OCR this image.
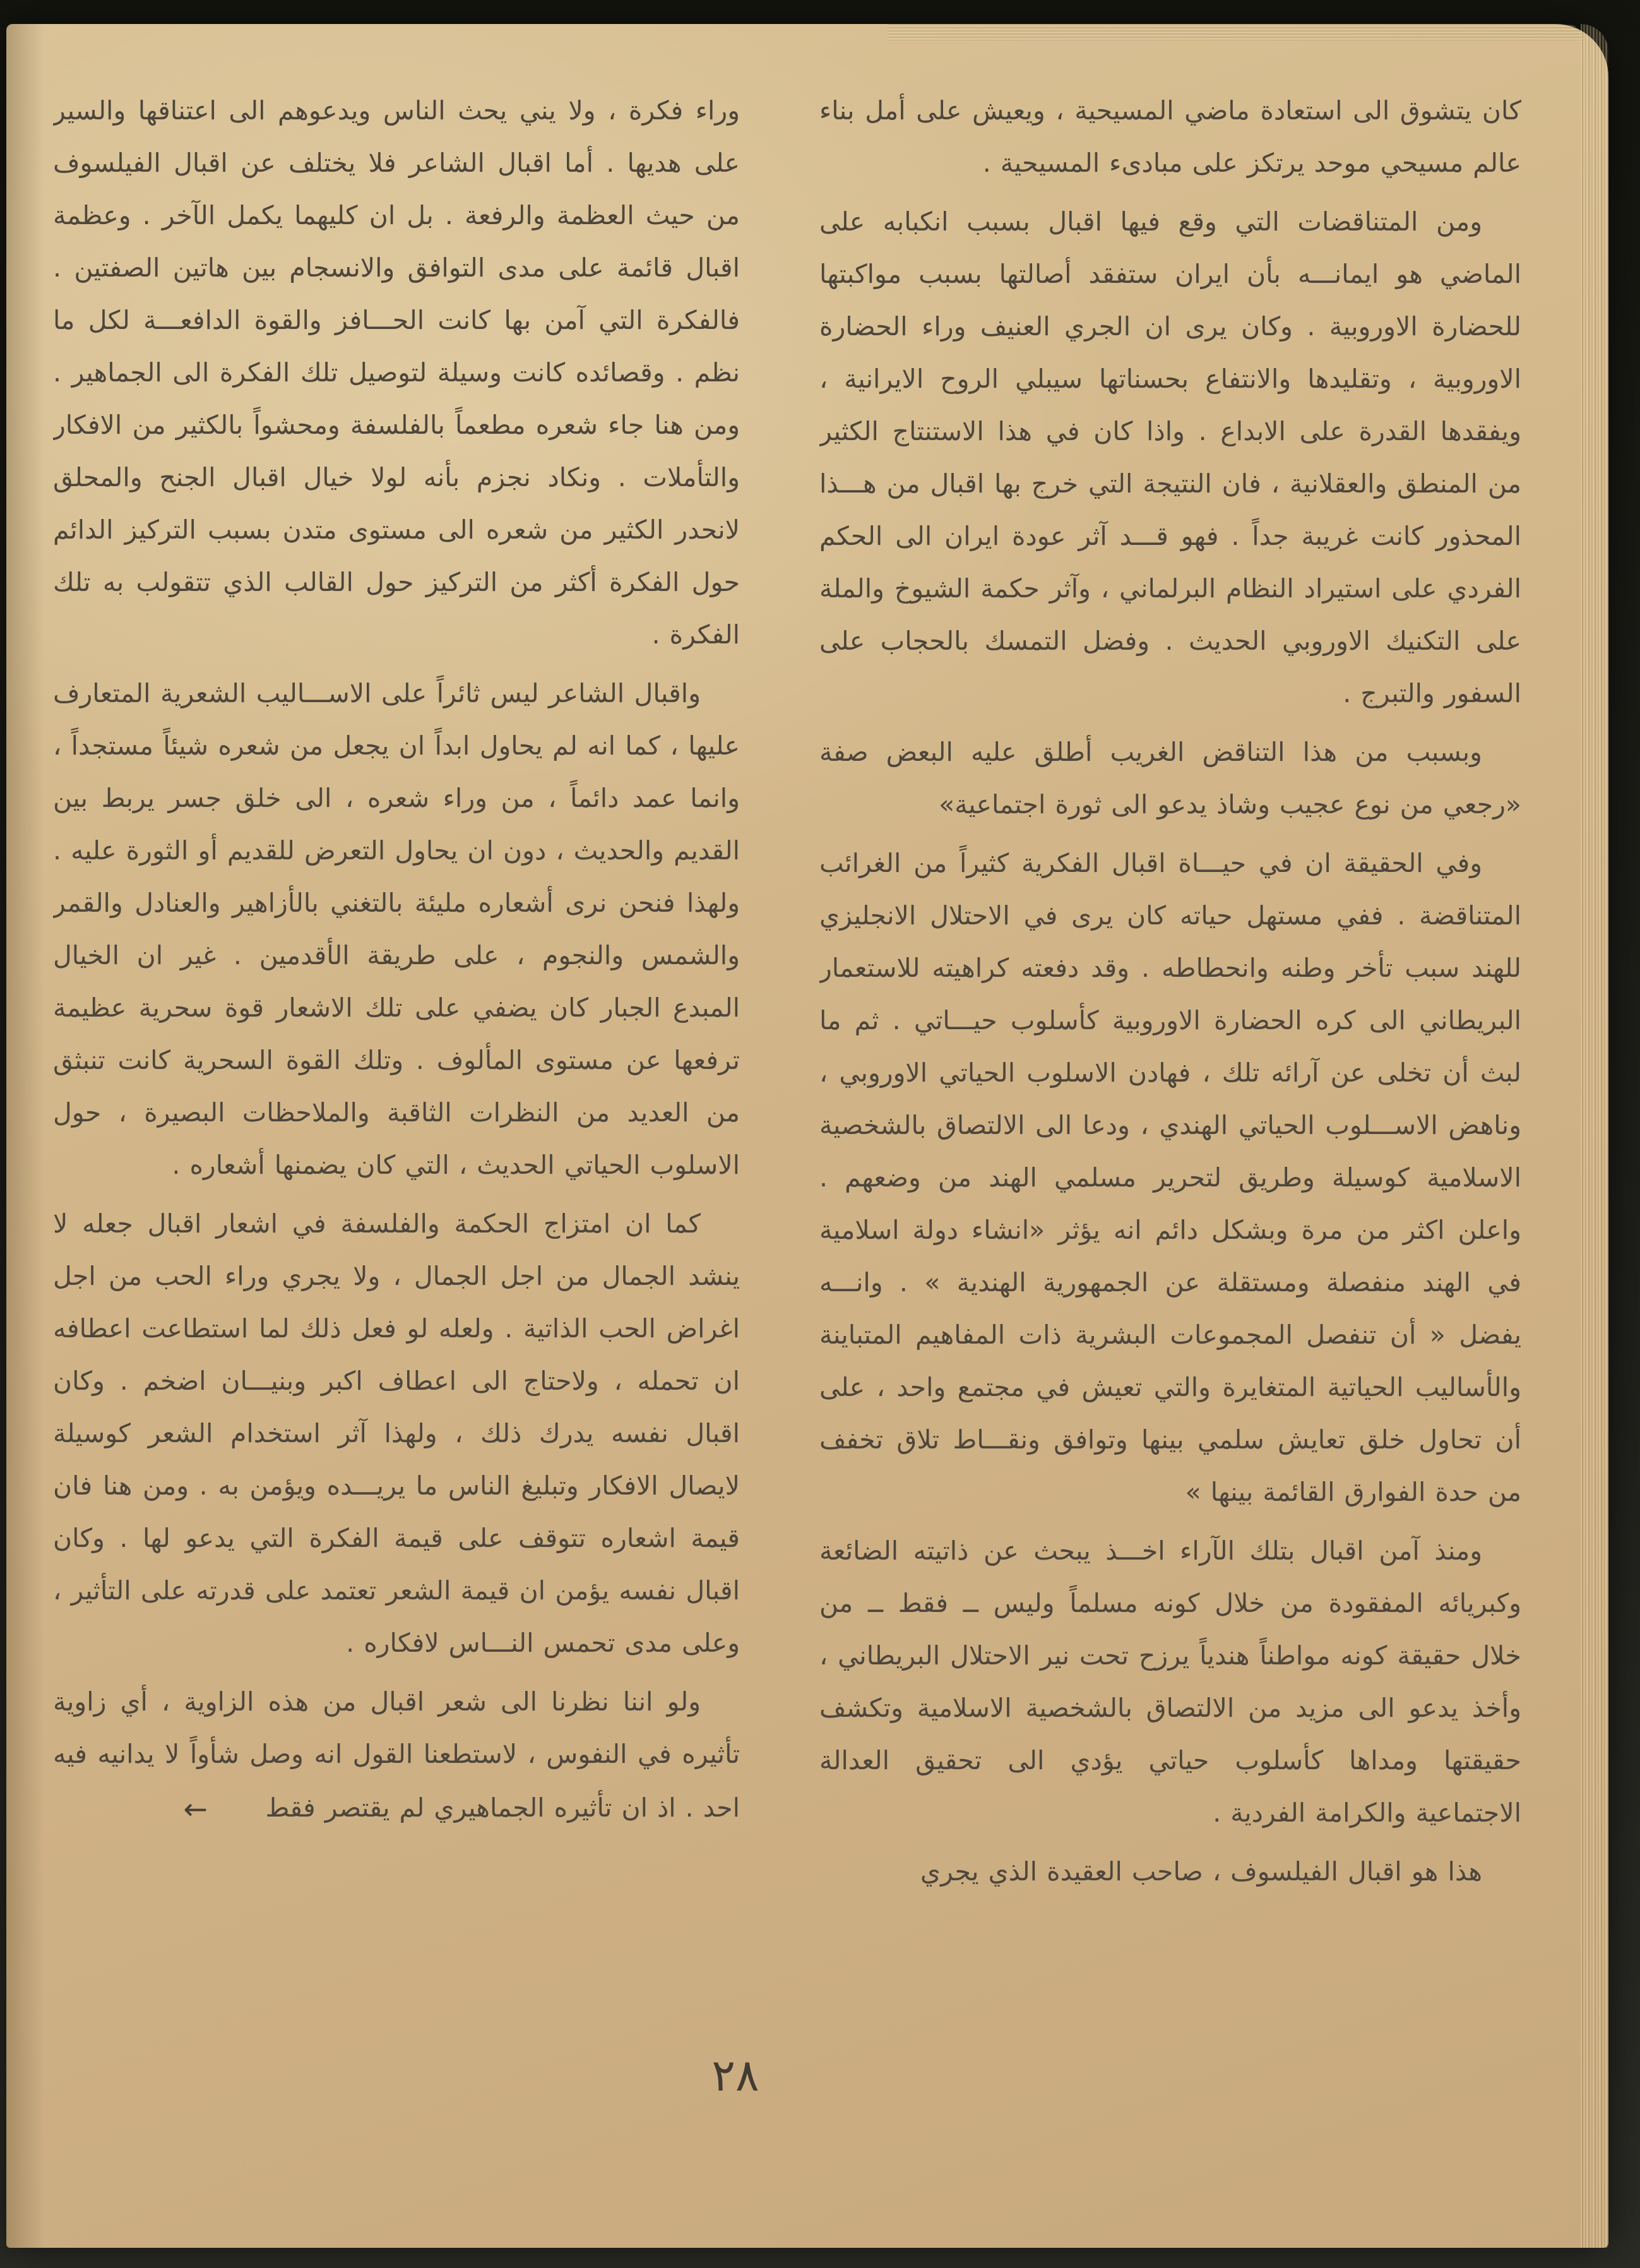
كان يتشوق الى استعادة ماضي المسيحية ، ويعيش على أمل بناء عالم مسيحي موحد يرتكز على مبادىء المسيحية .

ومن المتناقضات التي وقع فيها اقبال بسبب انكبابه على الماضي هو ايمانـــه بأن ايران ستفقد أصالتها بسبب مواكبتها للحضارة الاوروبية . وكان يرى ان الجري العنيف وراء الحضارة الاوروبية ، وتقليدها والانتفاع بحسناتها سيبلي الروح الايرانية ، ويفقدها القدرة على الابداع . واذا كان في هذا الاستنتاج الكثير من المنطق والعقلانية ، فان النتيجة التي خرج بها اقبال من هـــذا المحذور كانت غريبة جداً . فهو قـــد آثر عودة ايران الى الحكم الفردي على استيراد النظام البرلماني ، وآثر حكمة الشيوخ والملة على التكنيك الاوروبي الحديث . وفضل التمسك بالحجاب على السفور والتبرج .

وبسبب من هذا التناقض الغريب أطلق عليه البعض صفة «رجعي من نوع عجيب وشاذ يدعو الى ثورة اجتماعية»

وفي الحقيقة ان في حيـــاة اقبال الفكرية كثيراً من الغرائب المتناقضة . ففي مستهل حياته كان يرى في الاحتلال الانجليزي للهند سبب تأخر وطنه وانحطاطه . وقد دفعته كراهيته للاستعمار البريطاني الى كره الحضارة الاوروبية كأسلوب حيـــاتي . ثم ما لبث أن تخلى عن آرائه تلك ، فهادن الاسلوب الحياتي الاوروبي ، وناهض الاســـلوب الحياتي الهندي ، ودعا الى الالتصاق بالشخصية الاسلامية كوسيلة وطريق لتحرير مسلمي الهند من وضعهم . واعلن اكثر من مرة وبشكل دائم انه يؤثر «انشاء دولة اسلامية في الهند منفصلة ومستقلة عن الجمهورية الهندية » . وانـــه يفضل « أن تنفصل المجموعات البشرية ذات المفاهيم المتباينة والأساليب الحياتية المتغايرة والتي تعيش في مجتمع واحد ، على أن تحاول خلق تعايش سلمي بينها وتوافق ونقـــاط تلاق تخفف من حدة الفوارق القائمة بينها »

ومنذ آمن اقبال بتلك الآراء اخـــذ يبحث عن ذاتيته الضائعة وكبريائه المفقودة من خلال كونه مسلماً وليس ــ فقط ــ من خلال حقيقة كونه مواطناً هندياً يرزح تحت نير الاحتلال البريطاني ، وأخذ يدعو الى مزيد من الالتصاق بالشخصية الاسلامية وتكشف حقيقتها ومداها كأسلوب حياتي يؤدي الى تحقيق العدالة الاجتماعية والكرامة الفردية .

هذا هو اقبال الفيلسوف ، صاحب العقيدة الذي يجري

وراء فكرة ، ولا يني يحث الناس ويدعوهم الى اعتناقها والسير على هديها . أما اقبال الشاعر فلا يختلف عن اقبال الفيلسوف من حيث العظمة والرفعة . بل ان كليهما يكمل الآخر . وعظمة اقبال قائمة على مدى التوافق والانسجام بين هاتين الصفتين . فالفكرة التي آمن بها كانت الحـــافز والقوة الدافعـــة لكل ما نظم . وقصائده كانت وسيلة لتوصيل تلك الفكرة الى الجماهير . ومن هنا جاء شعره مطعماً بالفلسفة ومحشواً بالكثير من الافكار والتأملات . ونكاد نجزم بأنه لولا خيال اقبال الجنح والمحلق لانحدر الكثير من شعره الى مستوى متدن بسبب التركيز الدائم حول الفكرة أكثر من التركيز حول القالب الذي تتقولب به تلك الفكرة .

واقبال الشاعر ليس ثائراً على الاســـاليب الشعرية المتعارف عليها ، كما انه لم يحاول ابداً ان يجعل من شعره شيئاً مستجداً ، وانما عمد دائماً ، من وراء شعره ، الى خلق جسر يربط بين القديم والحديث ، دون ان يحاول التعرض للقديم أو الثورة عليه . ولهذا فنحن نرى أشعاره مليئة بالتغني بالأزاهير والعنادل والقمر والشمس والنجوم ، على طريقة الأقدمين . غير ان الخيال المبدع الجبار كان يضفي على تلك الاشعار قوة سحرية عظيمة ترفعها عن مستوى المألوف . وتلك القوة السحرية كانت تنبثق من العديد من النظرات الثاقبة والملاحظات البصيرة ، حول الاسلوب الحياتي الحديث ، التي كان يضمنها أشعاره .

كما ان امتزاج الحكمة والفلسفة في اشعار اقبال جعله لا ينشد الجمال من اجل الجمال ، ولا يجري وراء الحب من اجل اغراض الحب الذاتية . ولعله لو فعل ذلك لما استطاعت اعطافه ان تحمله ، ولاحتاج الى اعطاف اكبر وبنيـــان اضخم . وكان اقبال نفسه يدرك ذلك ، ولهذا آثر استخدام الشعر كوسيلة لايصال الافكار وتبليغ الناس ما يريـــده ويؤمن به . ومن هنا فان قيمة اشعاره تتوقف على قيمة الفكرة التي يدعو لها . وكان اقبال نفسه يؤمن ان قيمة الشعر تعتمد على قدرته على التأثير ، وعلى مدى تحمس النـــاس لافكاره .

ولو اننا نظرنا الى شعر اقبال من هذه الزاوية ، أي زاوية تأثيره في النفوس ، لاستطعنا القول انه وصل شأواً لا يدانيه فيه احد . اذ ان تأثيره الجماهيري لم يقتصر فقط ←

٢٨
